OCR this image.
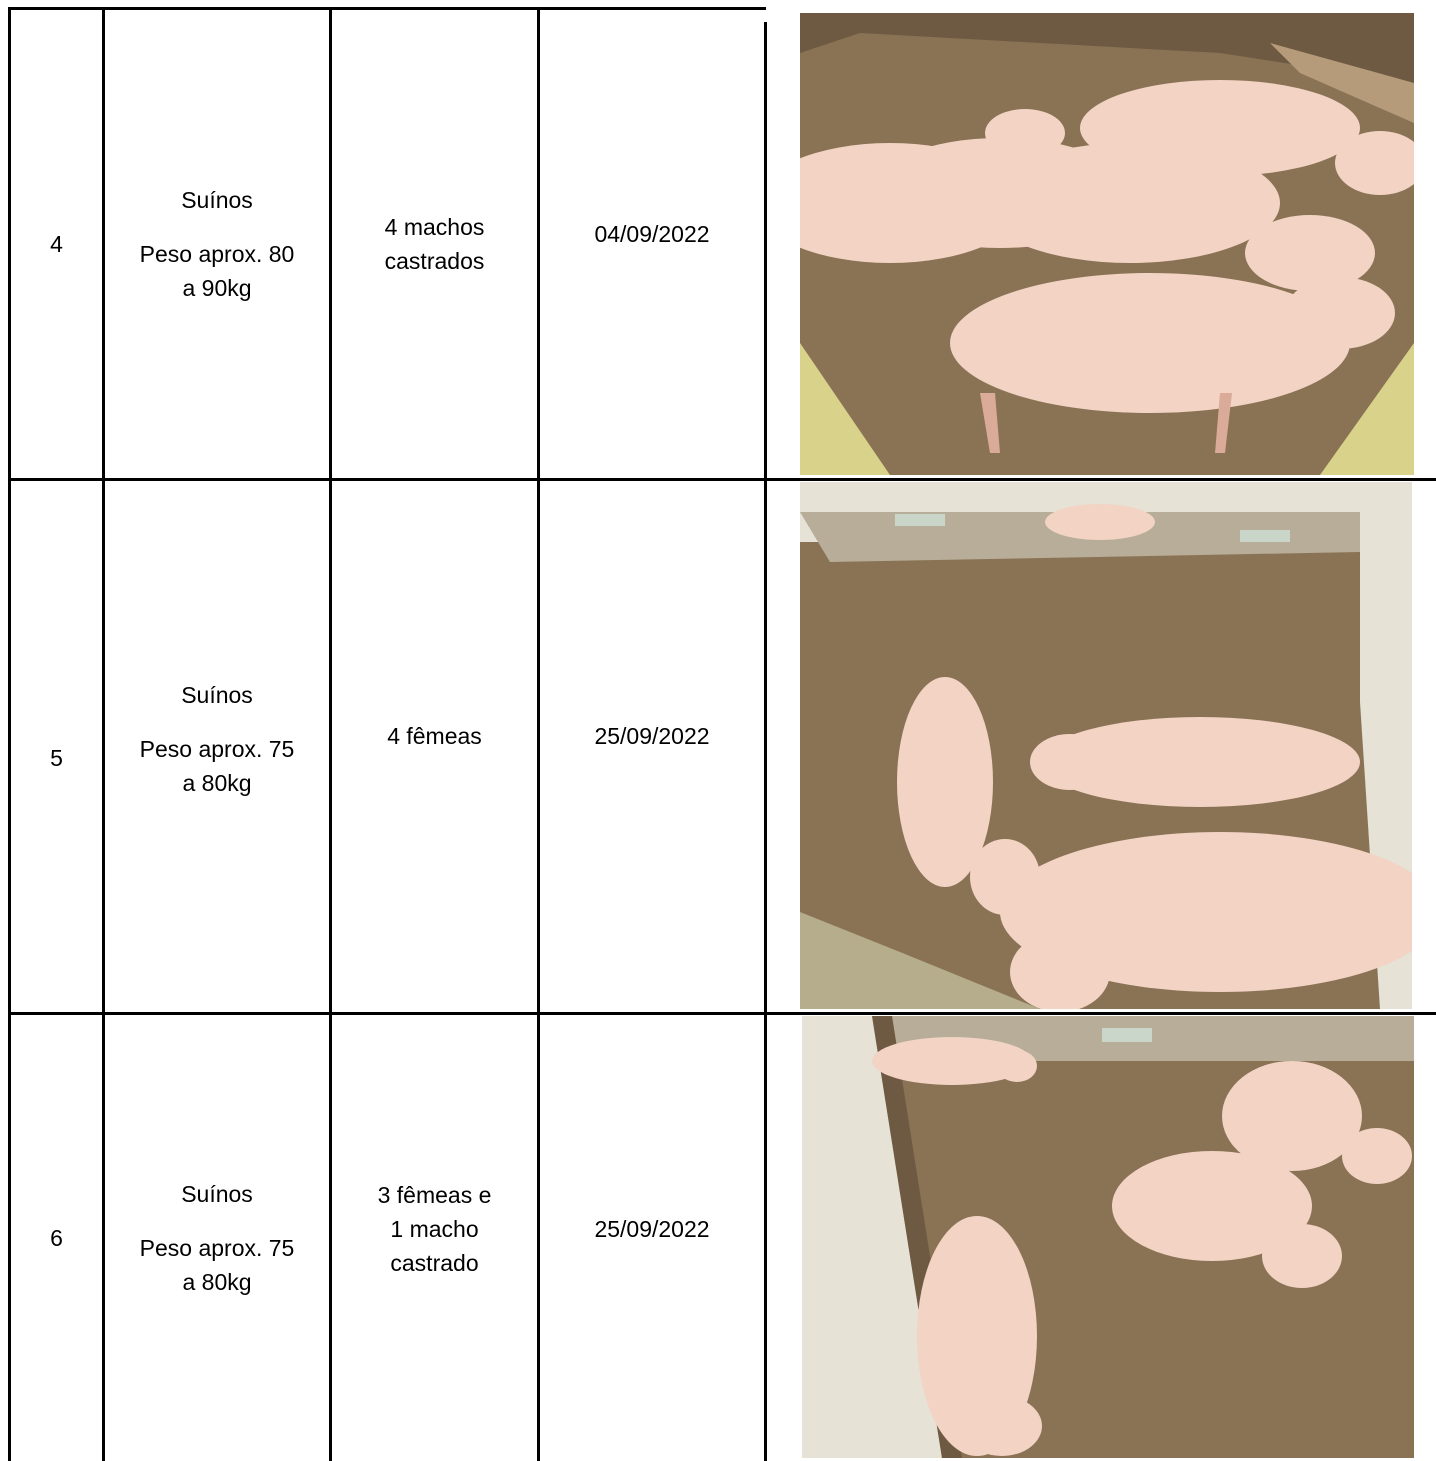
4

Suínos

Peso aprox. 80

a 90kg

4 machos

castrados

04/09/2022

5

Suínos

Peso aprox. 75

a 80kg

4 fêmeas	25/09/2022

6

Suínos

Peso aprox. 75

a 80kg

3 fêmeas e

1 macho

castrado

25/09/2022
